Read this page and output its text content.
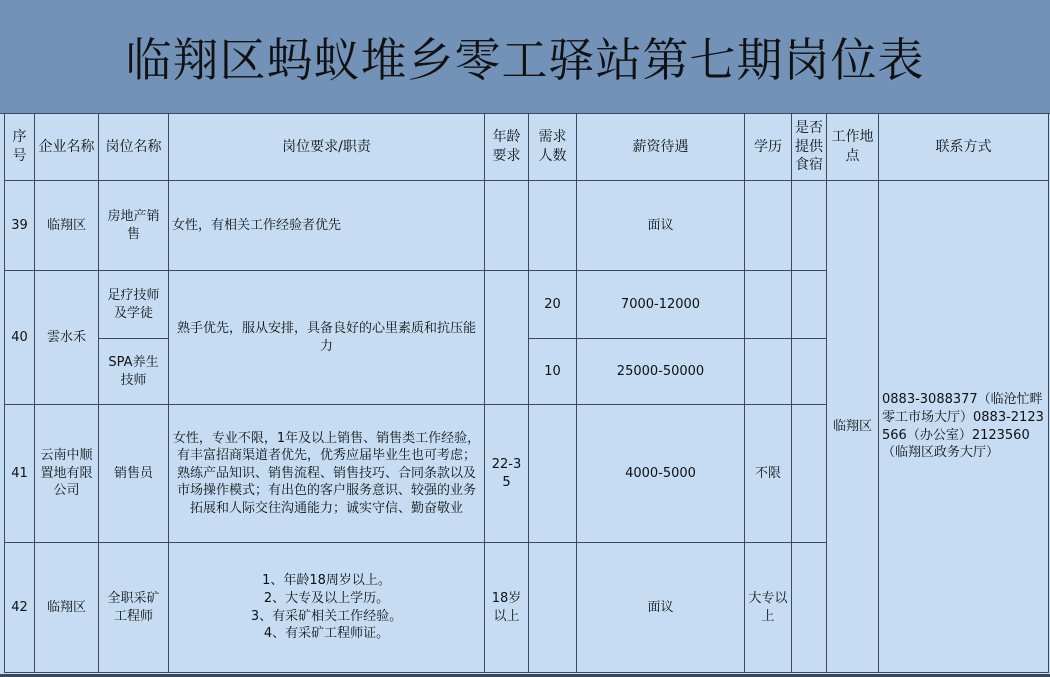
临翔区蚂蚁堆乡零工驿站第七期岗位表
序号	企业名称	岗位名称	岗位要求/职责	年龄要求	需求人数	薪资待遇	学历	是否提供食宿	工作地点	联系方式
39	临翔区	房地产销售	女性，有相关工作经验者优先			面议			临翔区	0883-3088377（临沧忙畔零工市场大厅）0883-2123566（办公室）2123560（临翔区政务大厅）
40	雲水禾	足疗技师及学徒	熟手优先，服从安排，具备良好的心里素质和抗压能力		20	7000-12000				
		SPA养生技师			10	25000-50000				
41	云南中顺置地有限公司	销售员	女性，专业不限，1年及以上销售、销售类工作经验，有丰富招商渠道者优先，优秀应届毕业生也可考虑；熟练产品知识、销售流程、销售技巧、合同条款以及市场操作模式；有出色的客户服务意识、较强的业务拓展和人际交往沟通能力；诚实守信、勤奋敬业	22-35		4000-5000	不限			
42	临翔区	全职采矿工程师	1、年龄18周岁以上。
2、大专及以上学历。
3、有采矿相关工作经验。
4、有采矿工程师证。	18岁以上		面议	大专以上			
